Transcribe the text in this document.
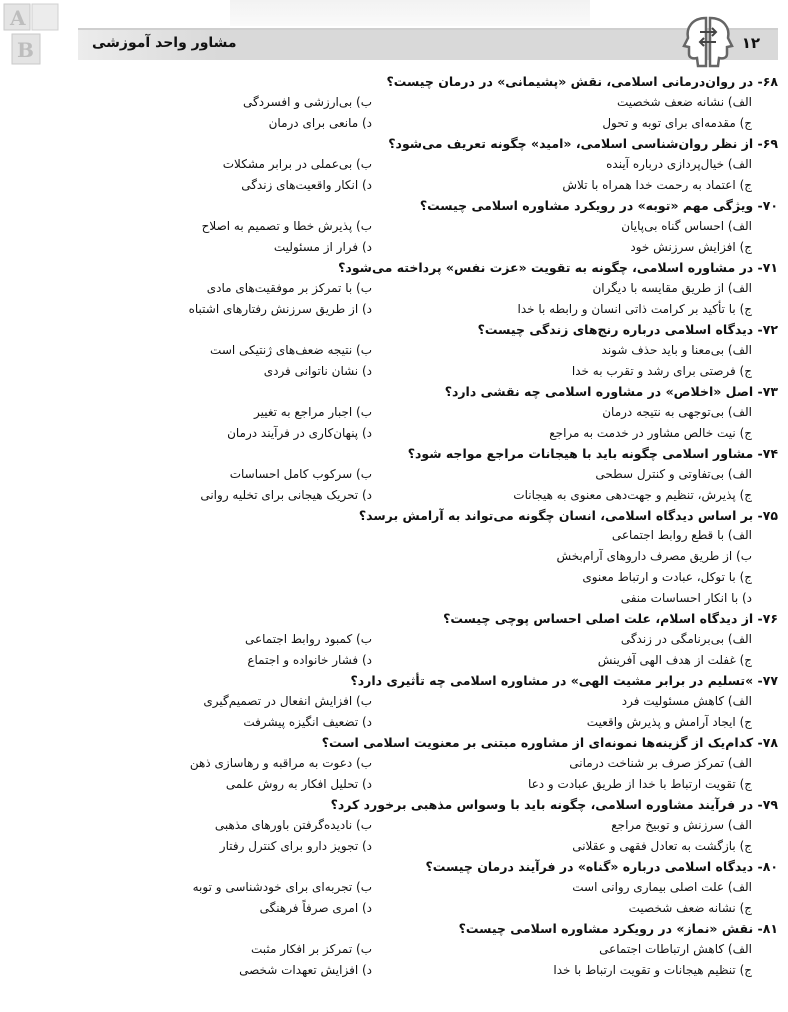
A
B	مشاور واحد آموزشی	۱۲
۶۸- در روان‌درمانی اسلامی، نقش «پشیمانی» در درمان چیست؟
الف) نشانه ضعف شخصیت
ب) بی‌ارزشی و افسردگی
ج) مقدمه‌ای برای توبه و تحول
د) مانعی برای درمان
۶۹- از نظر روان‌شناسی اسلامی، «امید» چگونه تعریف می‌شود؟
الف) خیال‌پردازی درباره آینده
ب) بی‌عملی در برابر مشکلات
ج) اعتماد به رحمت خدا همراه با تلاش
د) انکار واقعیت‌های زندگی
۷۰- ویژگی مهم «توبه» در رویکرد مشاوره اسلامی چیست؟
الف) احساس گناه بی‌پایان
ب) پذیرش خطا و تصمیم به اصلاح
ج) افزایش سرزنش خود
د) فرار از مسئولیت
۷۱- در مشاوره اسلامی، چگونه به تقویت «عزت نفس» پرداخته می‌شود؟
الف) از طریق مقایسه با دیگران
ب) با تمرکز بر موفقیت‌های مادی
ج) با تأکید بر کرامت ذاتی انسان و رابطه با خدا
د) از طریق سرزنش رفتارهای اشتباه
۷۲- دیدگاه اسلامی درباره رنج‌های زندگی چیست؟
الف) بی‌معنا و باید حذف شوند
ب) نتیجه ضعف‌های ژنتیکی است
ج) فرصتی برای رشد و تقرب به خدا
د) نشان ناتوانی فردی
۷۳- اصل «اخلاص» در مشاوره اسلامی چه نقشی دارد؟
الف) بی‌توجهی به نتیجه درمان
ب) اجبار مراجع به تغییر
ج) نیت خالص مشاور در خدمت به مراجع
د) پنهان‌کاری در فرآیند درمان
۷۴- مشاور اسلامی چگونه باید با هیجانات مراجع مواجه شود؟
الف) بی‌تفاوتی و کنترل سطحی
ب) سرکوب کامل احساسات
ج) پذیرش، تنظیم و جهت‌دهی معنوی به هیجانات
د) تحریک هیجانی برای تخلیه روانی
۷۵- بر اساس دیدگاه اسلامی، انسان چگونه می‌تواند به آرامش برسد؟
الف) با قطع روابط اجتماعی
ب) از طریق مصرف داروهای آرام‌بخش
ج) با توکل، عبادت و ارتباط معنوی
د) با انکار احساسات منفی
۷۶- از دیدگاه اسلام، علت اصلی احساس پوچی چیست؟
الف) بی‌برنامگی در زندگی
ب) کمبود روابط اجتماعی
ج) غفلت از هدف الهی آفرینش
د) فشار خانواده و اجتماع
۷۷- »تسلیم در برابر مشیت الهی» در مشاوره اسلامی چه تأثیری دارد؟
الف) کاهش مسئولیت فرد
ب) افزایش انفعال در تصمیم‌گیری
ج) ایجاد آرامش و پذیرش واقعیت
د) تضعیف انگیزه پیشرفت
۷۸- کدام‌یک از گزینه‌ها نمونه‌ای از مشاوره مبتنی بر معنویت اسلامی است؟
الف) تمرکز صرف بر شناخت درمانی
ب) دعوت به مراقبه و رهاسازی ذهن
ج) تقویت ارتباط با خدا از طریق عبادت و دعا
د) تحلیل افکار به روش علمی
۷۹- در فرآیند مشاوره اسلامی، چگونه باید با وسواس مذهبی برخورد کرد؟
الف) سرزنش و توبیخ مراجع
ب) نادیده‌گرفتن باورهای مذهبی
ج) بازگشت به تعادل فقهی و عقلانی
د) تجویز دارو برای کنترل رفتار
۸۰- دیدگاه اسلامی درباره «گناه» در فرآیند درمان چیست؟
الف) علت اصلی بیماری روانی است
ب) تجربه‌ای برای خودشناسی و توبه
ج) نشانه ضعف شخصیت
د) امری صرفاً فرهنگی
۸۱- نقش «نماز» در رویکرد مشاوره اسلامی چیست؟
الف) کاهش ارتباطات اجتماعی
ب) تمرکز بر افکار مثبت
ج) تنظیم هیجانات و تقویت ارتباط با خدا
د) افزایش تعهدات شخصی
